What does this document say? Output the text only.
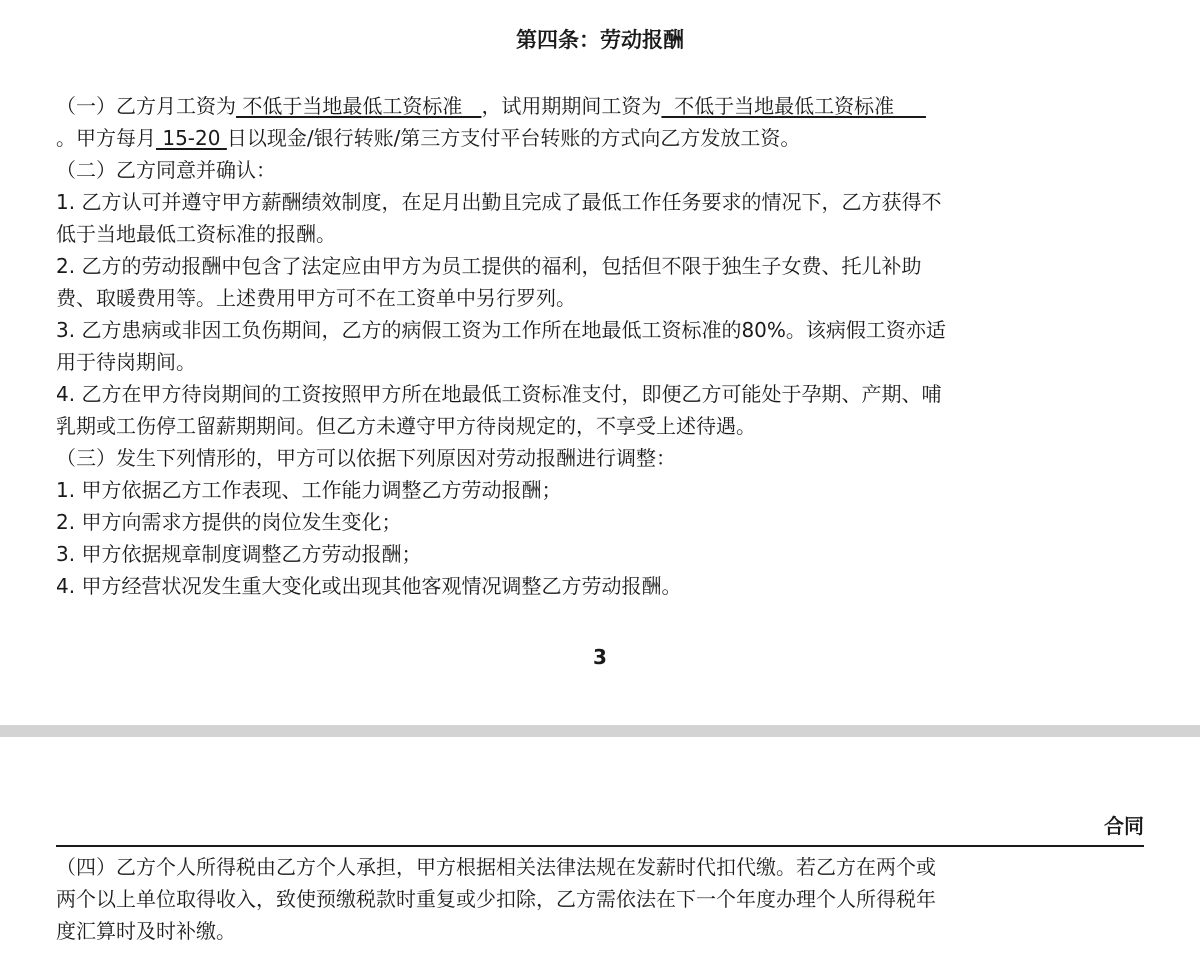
第四条：劳动报酬
（一）乙方月工资为 不低于当地最低工资标准   ，试用期期间工资为  不低于当地最低工资标准
。甲方每月 15-20 日以现金/银行转账/第三方支付平台转账的方式向乙方发放工资。
（二）乙方同意并确认：
1. 乙方认可并遵守甲方薪酬绩效制度，在足月出勤且完成了最低工作任务要求的情况下，乙方获得不
低于当地最低工资标准的报酬。
2. 乙方的劳动报酬中包含了法定应由甲方为员工提供的福利，包括但不限于独生子女费、托儿补助
费、取暖费用等。上述费用甲方可不在工资单中另行罗列。
3. 乙方患病或非因工负伤期间，乙方的病假工资为工作所在地最低工资标准的80%。该病假工资亦适
用于待岗期间。
4. 乙方在甲方待岗期间的工资按照甲方所在地最低工资标准支付，即便乙方可能处于孕期、产期、哺
乳期或工伤停工留薪期期间。但乙方未遵守甲方待岗规定的，不享受上述待遇。
（三）发生下列情形的，甲方可以依据下列原因对劳动报酬进行调整：
1. 甲方依据乙方工作表现、工作能力调整乙方劳动报酬；
2. 甲方向需求方提供的岗位发生变化；
3. 甲方依据规章制度调整乙方劳动报酬；
4. 甲方经营状况发生重大变化或出现其他客观情况调整乙方劳动报酬。
3
合同
（四）乙方个人所得税由乙方个人承担，甲方根据相关法律法规在发薪时代扣代缴。若乙方在两个或
两个以上单位取得收入，致使预缴税款时重复或少扣除，乙方需依法在下一个年度办理个人所得税年
度汇算时及时补缴。
